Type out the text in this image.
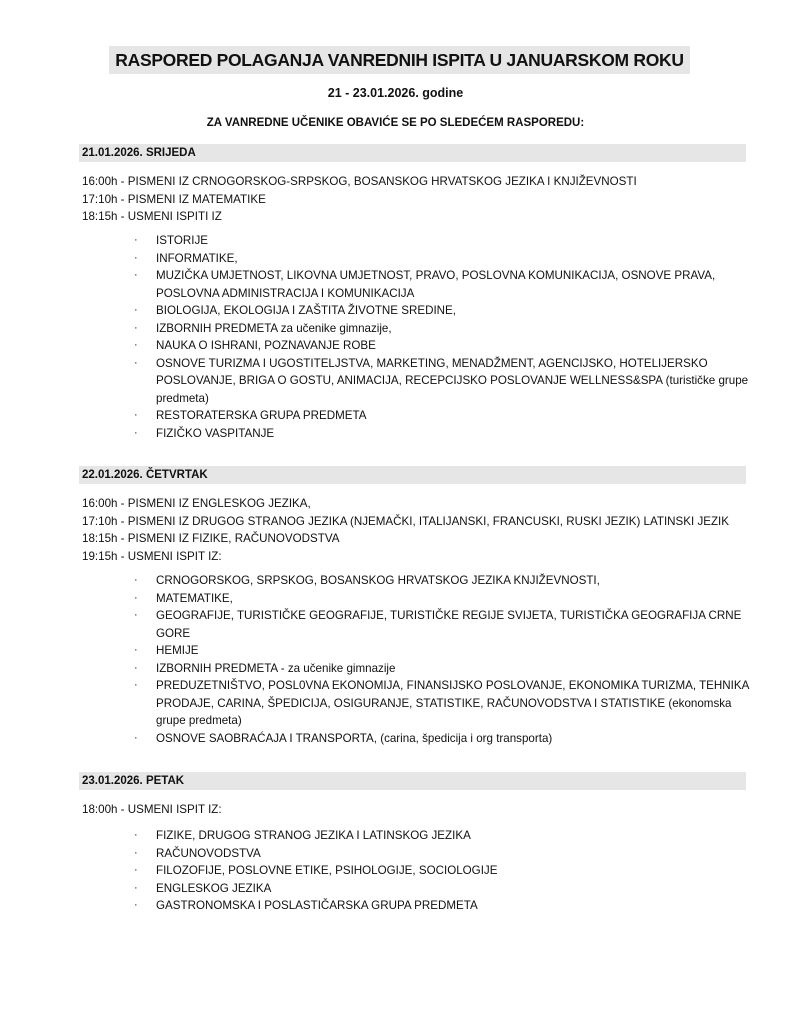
RASPORED POLAGANJA VANREDNIH ISPITA U JANUARSKOM ROKU
21 - 23.01.2026. godine
ZA VANREDNE UČENIKE OBAVIĆE SE PO SLEDEĆEM RASPOREDU:
21.01.2026. SRIJEDA
16:00h - PISMENI IZ CRNOGORSKOG-SRPSKOG, BOSANSKOG HRVATSKOG JEZIKA I KNJIŽEVNOSTI
17:10h - PISMENI IZ MATEMATIKE
18:15h - USMENI ISPITI IZ
· ISTORIJE
· INFORMATIKE,
· MUZIČKA UMJETNOST, LIKOVNA UMJETNOST, PRAVO, POSLOVNA KOMUNIKACIJA, OSNOVE PRAVA, POSLOVNA ADMINISTRACIJA I KOMUNIKACIJA
· BIOLOGIJA, EKOLOGIJA I ZAŠTITA ŽIVOTNE SREDINE,
· IZBORNIH PREDMETA za učenike gimnazije,
· NAUKA O ISHRANI, POZNAVANJE ROBE
· OSNOVE TURIZMA I UGOSTITELJSTVA, MARKETING, MENADŽMENT, AGENCIJSKO, HOTELIJERSKO POSLOVANJE, BRIGA O GOSTU, ANIMACIJA, RECEPCIJSKO POSLOVANJE WELLNESS&SPA (turističke grupe predmeta)
· RESTORATERSKA GRUPA PREDMETA
· FIZIČKO VASPITANJE
22.01.2026. ČETVRTAK
16:00h - PISMENI IZ ENGLESKOG JEZIKA,
17:10h - PISMENI IZ DRUGOG STRANOG JEZIKA (NJEMAČKI, ITALIJANSKI, FRANCUSKI, RUSKI JEZIK) LATINSKI JEZIK
18:15h - PISMENI IZ FIZIKE, RAČUNOVODSTVA
19:15h - USMENI ISPIT IZ:
· CRNOGORSKOG, SRPSKOG, BOSANSKOG HRVATSKOG JEZIKA KNJIŽEVNOSTI,
· MATEMATIKE,
· GEOGRAFIJE, TURISTIČKE GEOGRAFIJE, TURISTIČKE REGIJE SVIJETA, TURISTIČKA GEOGRAFIJA CRNE GORE
· HEMIJE
· IZBORNIH PREDMETA - za učenike gimnazije
· PREDUZETNIŠTVO, POSL0VNA EKONOMIJA, FINANSIJSKO POSLOVANJE, EKONOMIKA TURIZMA, TEHNIKA PRODAJE, CARINA, ŠPEDICIJA, OSIGURANJE, STATISTIKE, RAČUNOVODSTVA I STATISTIKE (ekonomska grupe predmeta)
· OSNOVE SAOBRAĆAJA I TRANSPORTA, (carina, špedicija i org transporta)
23.01.2026. PETAK
18:00h - USMENI ISPIT IZ:
· FIZIKE, DRUGOG STRANOG JEZIKA I LATINSKOG JEZIKA
· RAČUNOVODSTVA
· FILOZOFIJE, POSLOVNE ETIKE, PSIHOLOGIJE, SOCIOLOGIJE
· ENGLESKOG JEZIKA
· GASTRONOMSKA I POSLASTIČARSKA GRUPA PREDMETA
